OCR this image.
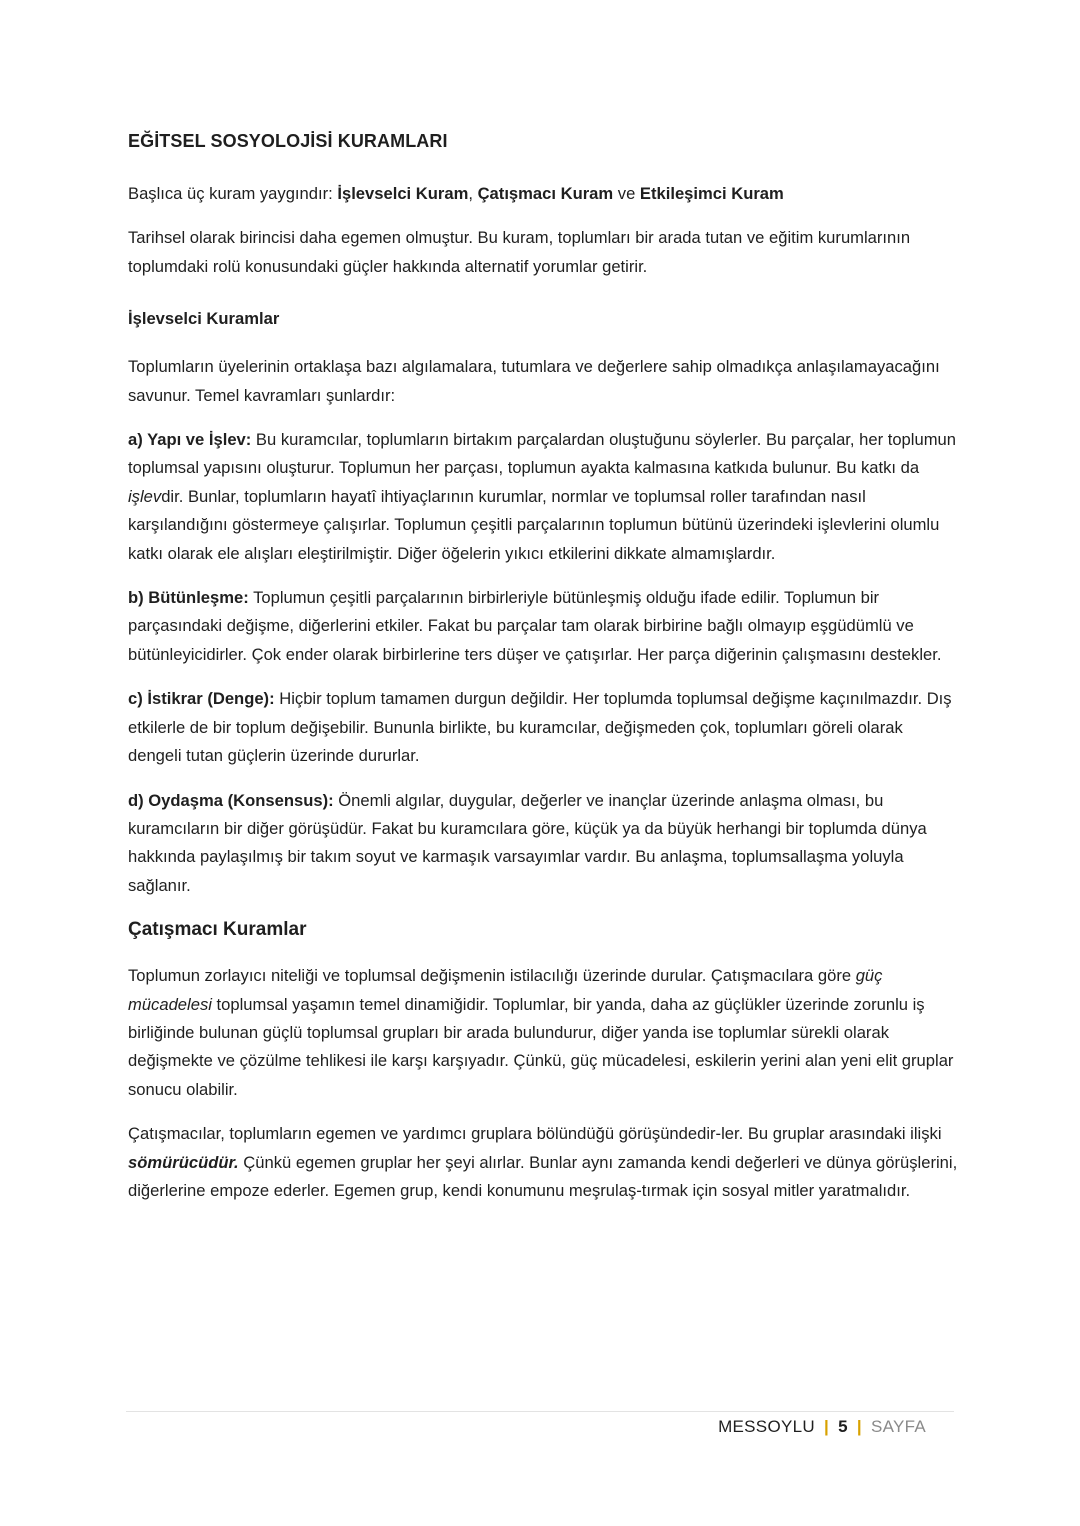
EĞİTSEL SOSYOLOJİSİ KURAMLARI

Başlıca üç kuram yaygındır: İşlevselci Kuram, Çatışmacı Kuram ve Etkileşimci Kuram

Tarihsel olarak birincisi daha egemen olmuştur. Bu kuram, toplumları bir arada tutan ve eğitim kurumlarının toplumdaki rolü konusundaki güçler hakkında alternatif yorumlar getirir.

İşlevselci Kuramlar

Toplumların üyelerinin ortaklaşa bazı algılamalara, tutumlara ve değerlere sahip olmadıkça anlaşılamayacağını savunur. Temel kavramları şunlardır:

a) Yapı ve İşlev: Bu kuramcılar, toplumların birtakım parçalardan oluştuğunu söylerler. Bu parçalar, her toplumun toplumsal yapısını oluşturur. Toplumun her parçası, toplumun ayakta kalmasına katkıda bulunur. Bu katkı da işlevdir. Bunlar, toplumların hayatî ihtiyaçlarının kurumlar, normlar ve toplumsal roller tarafından nasıl karşılandığını göstermeye çalışırlar. Toplumun çeşitli parçalarının toplumun bütünü üzerindeki işlevlerini olumlu katkı olarak ele alışları eleştirilmiştir. Diğer öğelerin yıkıcı etkilerini dikkate almamışlardır.

b) Bütünleşme: Toplumun çeşitli parçalarının birbirleriyle bütünleşmiş olduğu ifade edilir. Toplumun bir parçasındaki değişme, diğerlerini etkiler. Fakat bu parçalar tam olarak birbirine bağlı olmayıp eşgüdümlü ve bütünleyicidirler. Çok ender olarak birbirlerine ters düşer ve çatışırlar. Her parça diğerinin çalışmasını destekler.

c) İstikrar (Denge): Hiçbir toplum tamamen durgun değildir. Her toplumda toplumsal değişme kaçınılmazdır. Dış etkilerle de bir toplum değişebilir. Bununla birlikte, bu kuramcılar, değişmeden çok, toplumları göreli olarak dengeli tutan güçlerin üzerinde dururlar.

d) Oydaşma (Konsensus): Önemli algılar, duygular, değerler ve inançlar üzerinde anlaşma olması, bu kuramcıların bir diğer görüşüdür. Fakat bu kuramcılara göre, küçük ya da büyük herhangi bir toplumda dünya hakkında paylaşılmış bir takım soyut ve karmaşık varsayımlar vardır. Bu anlaşma, toplumsallaşma yoluyla sağlanır.

Çatışmacı Kuramlar

Toplumun zorlayıcı niteliği ve toplumsal değişmenin istilacılığı üzerinde durular. Çatışmacılara göre güç mücadelesi toplumsal yaşamın temel dinamiğidir. Toplumlar, bir yanda, daha az güçlükler üzerinde zorunlu iş birliğinde bulunan güçlü toplumsal grupları bir arada bulundurur, diğer yanda ise toplumlar sürekli olarak değişmekte ve çözülme tehlikesi ile karşı karşıyadır. Çünkü, güç mücadelesi, eskilerin yerini alan yeni elit gruplar sonucu olabilir.

Çatışmacılar, toplumların egemen ve yardımcı gruplara bölündüğü görüşündedir-ler. Bu gruplar arasındaki ilişki sömürücüdür. Çünkü egemen gruplar her şeyi alırlar. Bunlar aynı zamanda kendi değerleri ve dünya görüşlerini, diğerlerine empoze ederler. Egemen grup, kendi konumunu meşrulaş-tırmak için sosyal mitler yaratmalıdır.

MESSOYLU | 5 | SAYFA
